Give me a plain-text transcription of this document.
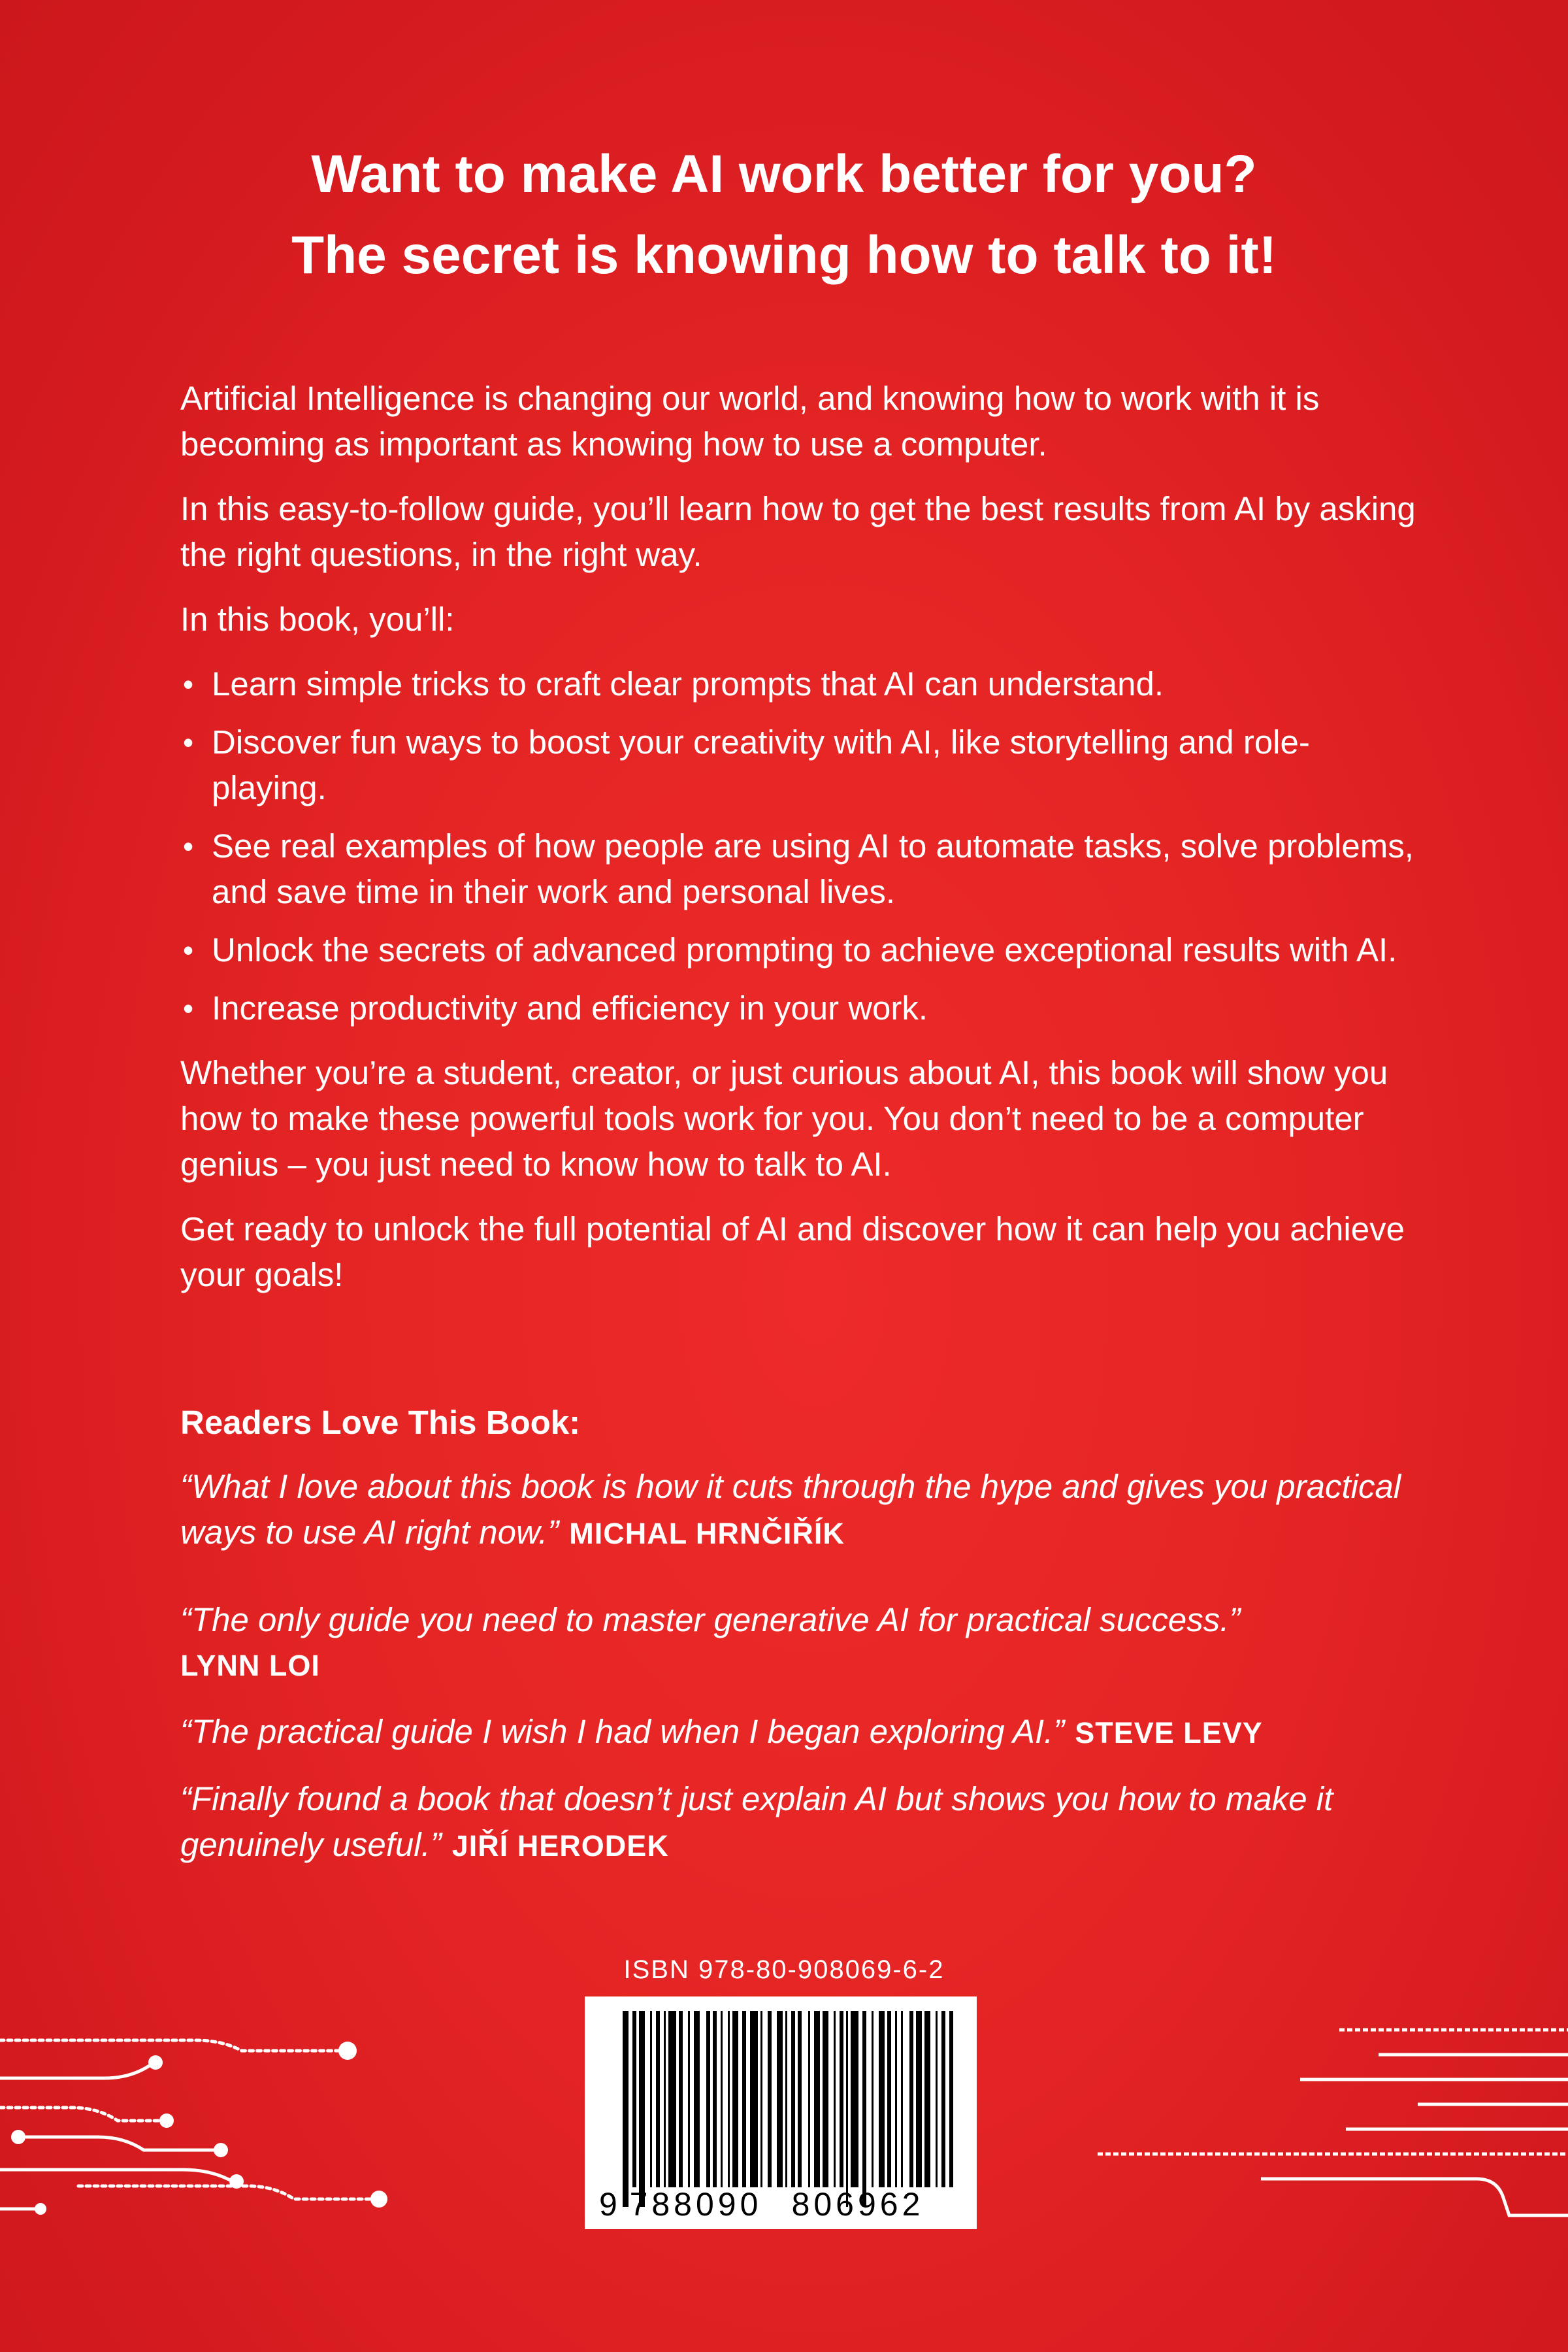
Want to make AI work better for you?
The secret is knowing how to talk to it!

Artificial Intelligence is changing our world, and knowing how to work with it is becoming as important as knowing how to use a computer.

In this easy-to-follow guide, you’ll learn how to get the best results from AI by asking the right questions, in the right way.

In this book, you’ll:

• Learn simple tricks to craft clear prompts that AI can understand.
• Discover fun ways to boost your creativity with AI, like storytelling and role-playing.
• See real examples of how people are using AI to automate tasks, solve problems, and save time in their work and personal lives.
• Unlock the secrets of advanced prompting to achieve exceptional results with AI.
• Increase productivity and efficiency in your work.

Whether you’re a student, creator, or just curious about AI, this book will show you how to make these powerful tools work for you. You don’t need to be a computer genius – you just need to know how to talk to AI.

Get ready to unlock the full potential of AI and discover how it can help you achieve your goals!

Readers Love This Book:
“What I love about this book is how it cuts through the hype and gives you practical ways to use AI right now.” MICHAL HRNČIŘÍK
“The only guide you need to master generative AI for practical success.”
LYNN LOI
“The practical guide I wish I had when I began exploring AI.” STEVE LEVY
“Finally found a book that doesn’t just explain AI but shows you how to make it genuinely useful.” JIŘÍ HERODEK
ISBN 978-80-908069-6-2
9 788090 806962
